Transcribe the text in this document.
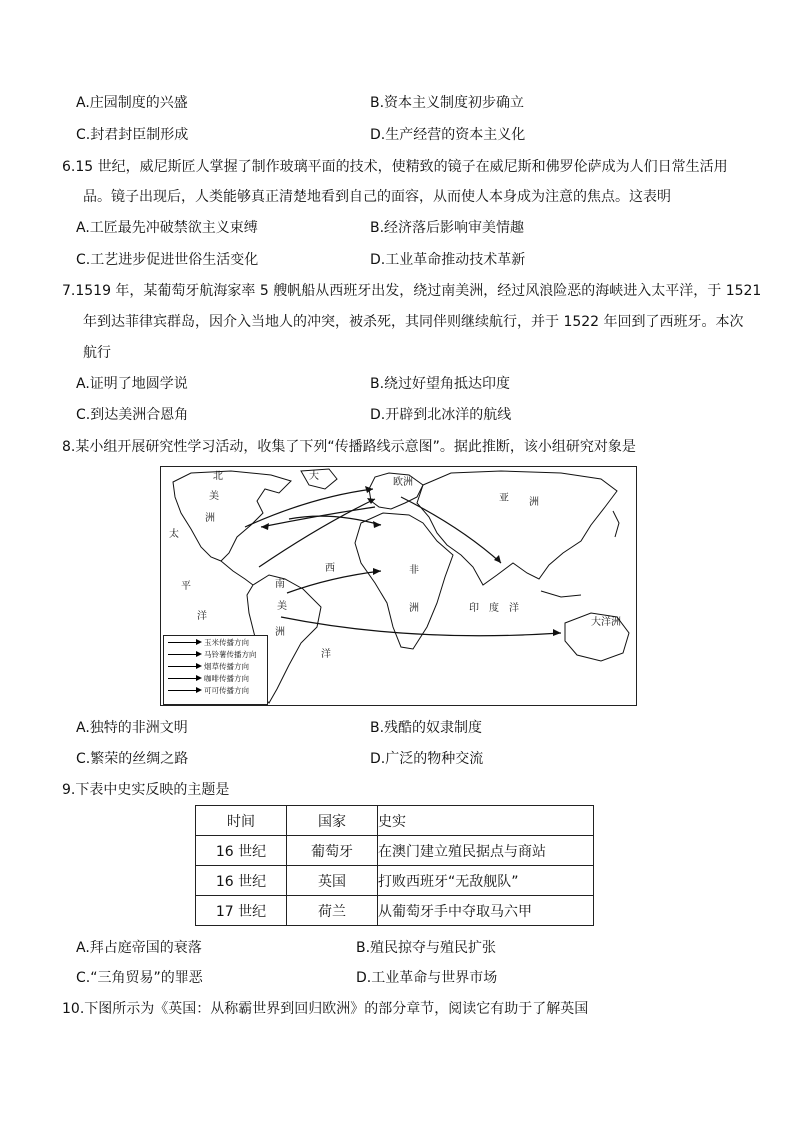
A.庄园制度的兴盛	B.资本主义制度初步确立
C.封君封臣制形成	D.生产经营的资本主义化
6.15 世纪，威尼斯匠人掌握了制作玻璃平面的技术，使精致的镜子在威尼斯和佛罗伦萨成为人们日常生活用
品。镜子出现后，人类能够真正清楚地看到自己的面容，从而使人本身成为注意的焦点。这表明
A.工匠最先冲破禁欲主义束缚	B.经济落后影响审美情趣
C.工艺进步促进世俗生活变化	D.工业革命推动技术革新
7.1519 年，某葡萄牙航海家率 5 艘帆船从西班牙出发，绕过南美洲，经过风浪险恶的海峡进入太平洋，于 1521
年到达菲律宾群岛，因介入当地人的冲突，被杀死，其同伴则继续航行，并于 1522 年回到了西班牙。本次
航行
A.证明了地圆学说	B.绕过好望角抵达印度
C.到达美洲合恩角	D.开辟到北冰洋的航线
8.某小组开展研究性学习活动，收集了下列“传播路线示意图”。据此推断，该小组研究对象是
北
美
洲
大
太
平
洋
西
南
美
洲
洋
欧洲
亚 洲
非
洲	印 度 洋
大洋洲
玉米传播方向
马铃薯传播方向
烟草传播方向
咖啡传播方向
可可传播方向
A.独特的非洲文明	B.残酷的奴隶制度
C.繁荣的丝绸之路	D.广泛的物种交流
9.下表中史实反映的主题是
时间	国家	史实
16 世纪	葡萄牙	在澳门建立殖民据点与商站
16 世纪	英国	打败西班牙“无敌舰队”
17 世纪	荷兰	从葡萄牙手中夺取马六甲
A.拜占庭帝国的衰落	B.殖民掠夺与殖民扩张
C.“三角贸易”的罪恶	D.工业革命与世界市场
10.下图所示为《英国：从称霸世界到回归欧洲》的部分章节，阅读它有助于了解英国
